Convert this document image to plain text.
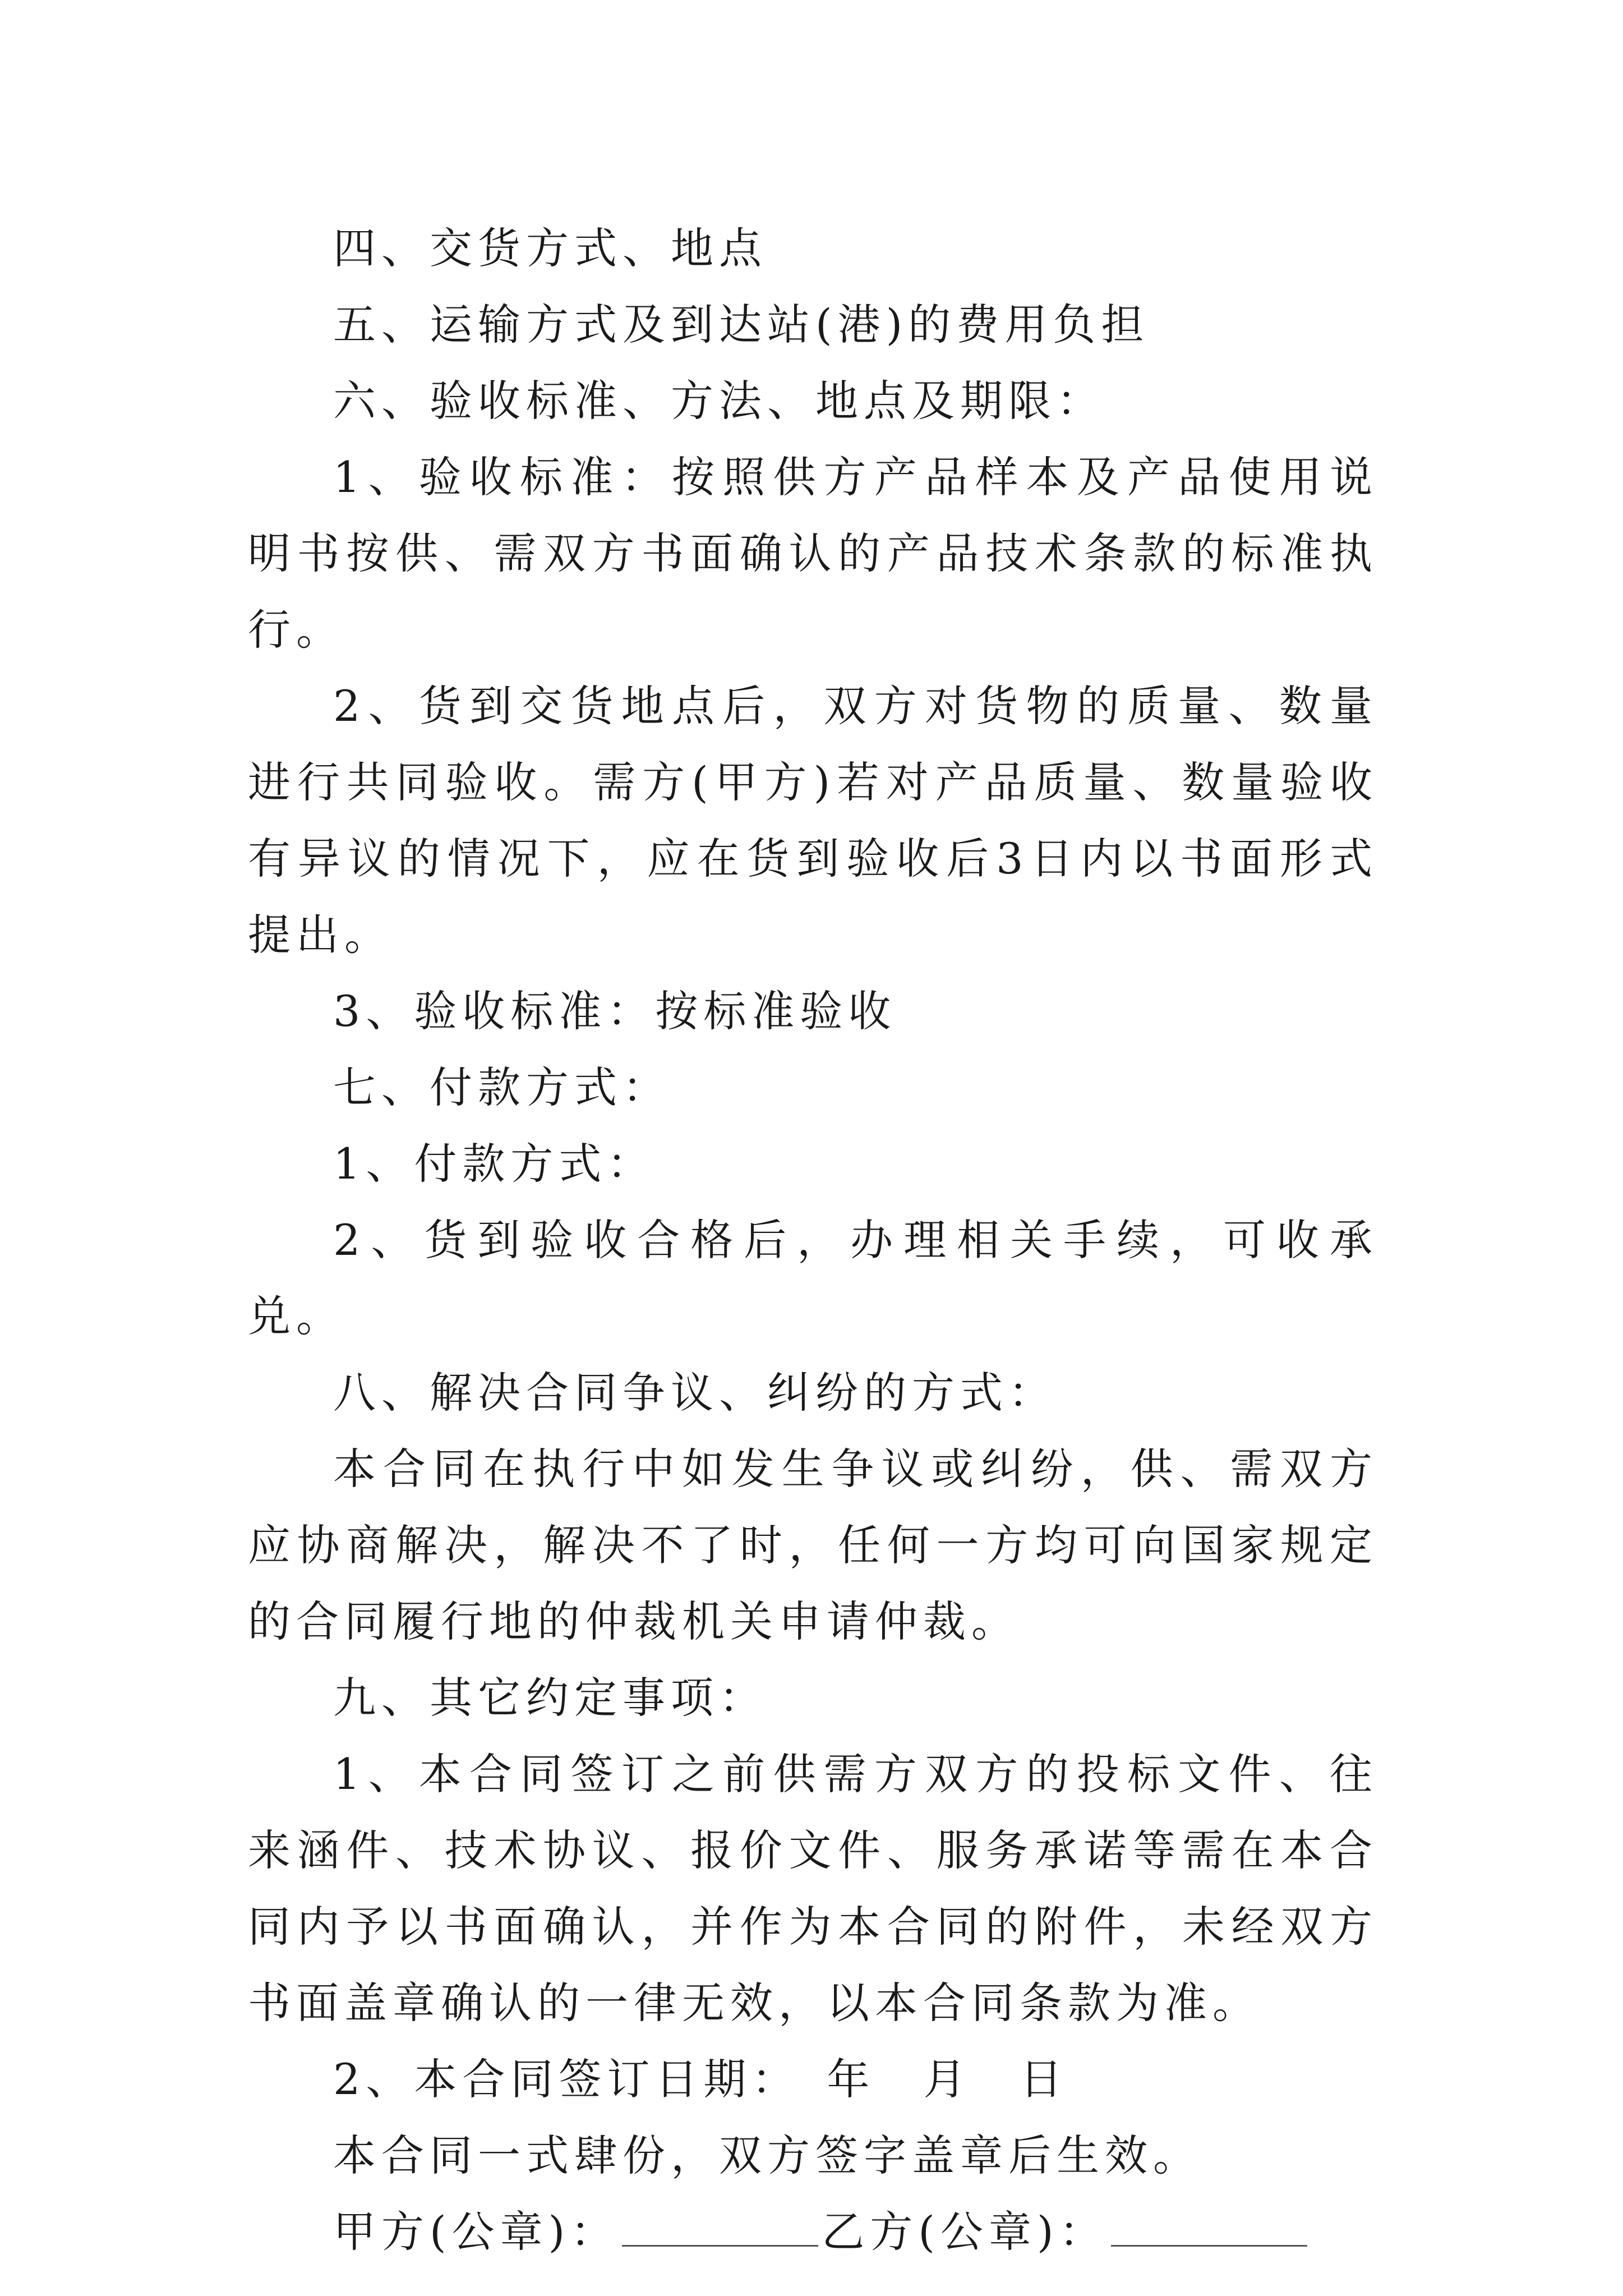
四、交货方式、地点

五、运输方式及到达站(港)的费用负担

六、验收标准、方法、地点及期限：

1、验收标准：按照供方产品样本及产品使用说明书按供、需双方书面确认的产品技术条款的标准执行。

2、货到交货地点后，双方对货物的质量、数量进行共同验收。需方(甲方)若对产品质量、数量验收有异议的情况下，应在货到验收后3日内以书面形式提出。

3、验收标准：按标准验收

七、付款方式：

1、付款方式：

2、货到验收合格后，办理相关手续，可收承兑。

八、解决合同争议、纠纷的方式：

本合同在执行中如发生争议或纠纷，供、需双方应协商解决，解决不了时，任何一方均可向国家规定的合同履行地的仲裁机关申请仲裁。

九、其它约定事项：

1、本合同签订之前供需方双方的投标文件、往来涵件、技术协议、报价文件、服务承诺等需在本合同内予以书面确认，并作为本合同的附件，未经双方书面盖章确认的一律无效，以本合同条款为准。

2、本合同签订日期：　年　月　日

本合同一式肆份，双方签字盖章后生效。

甲方(公章)：	乙方(公章)：
